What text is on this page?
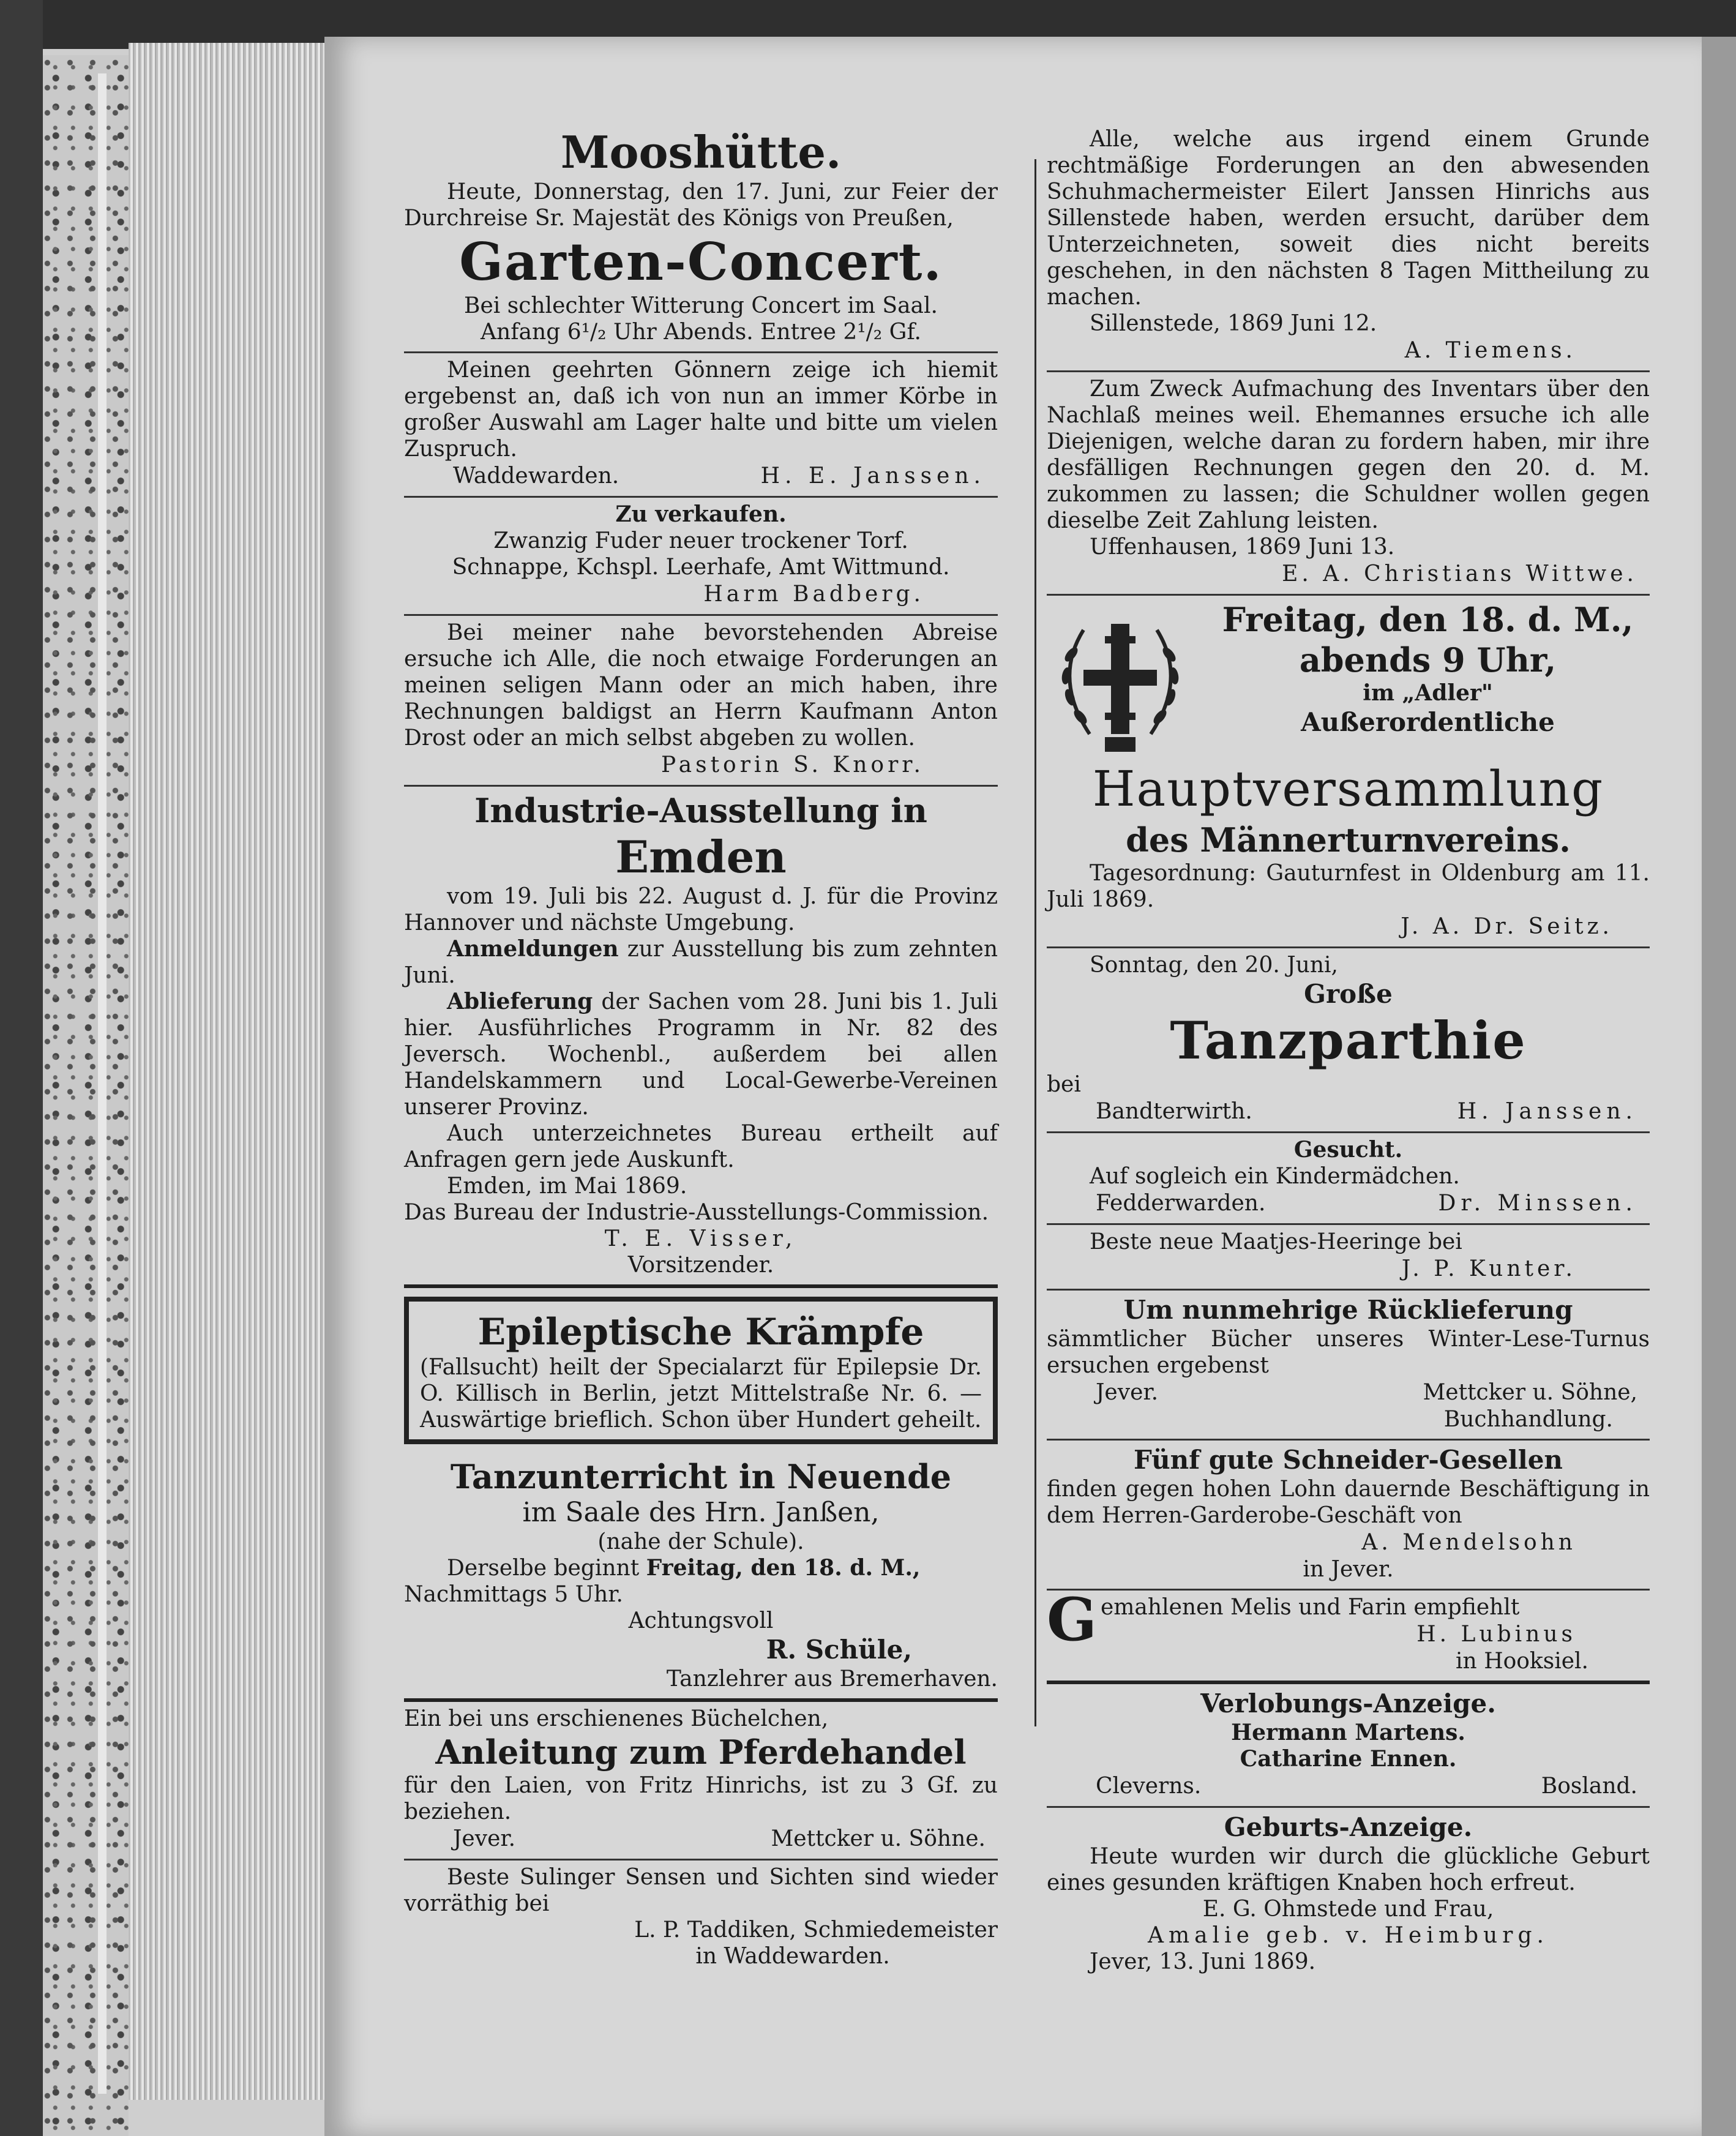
Mooshütte.

Heute, Donnerstag, den 17. Juni, zur Feier der Durchreise Sr. Majestät des Königs von Preußen,

Garten-Concert.

Bei schlechter Witterung Concert im Saal.

Anfang 6¹/₂ Uhr Abends. Entree 2¹/₂ Gf.

Meinen geehrten Gönnern zeige ich hiemit ergebenst an, daß ich von nun an immer Körbe in großer Auswahl am Lager halte und bitte um vielen Zuspruch.

Waddewarden.	H. E. Janssen.

Zu verkaufen.

Zwanzig Fuder neuer trockener Torf.

Schnappe, Kchspl. Leerhafe, Amt Wittmund.

Harm Badberg.

Bei meiner nahe bevorstehenden Abreise ersuche ich Alle, die noch etwaige Forderungen an meinen seligen Mann oder an mich haben, ihre Rechnungen baldigst an Herrn Kaufmann Anton Drost oder an mich selbst abgeben zu wollen.

Pastorin S. Knorr.

Industrie-Ausstellung in

Emden

vom 19. Juli bis 22. August d. J. für die Provinz Hannover und nächste Umgebung.

Anmeldungen zur Ausstellung bis zum zehnten Juni.

Ablieferung der Sachen vom 28. Juni bis 1. Juli hier. Ausführliches Programm in Nr. 82 des Jeversch. Wochenbl., außerdem bei allen Handelskammern und Local-Gewerbe-Vereinen unserer Provinz.

Auch unterzeichnetes Bureau ertheilt auf Anfragen gern jede Auskunft.

Emden, im Mai 1869.

Das Bureau der Industrie-Ausstellungs-Commission.

T. E. Visser,

Vorsitzender.

Epileptische Krämpfe

(Fallsucht) heilt der Specialarzt für Epilepsie Dr. O. Killisch in Berlin, jetzt Mittelstraße Nr. 6. — Auswärtige brieflich. Schon über Hundert geheilt.

Tanzunterricht in Neuende

im Saale des Hrn. Janßen,

(nahe der Schule).

Derselbe beginnt Freitag, den 18. d. M.,

Nachmittags 5 Uhr.

Achtungsvoll

R. Schüle,

Tanzlehrer aus Bremerhaven.

Ein bei uns erschienenes Büchelchen,

Anleitung zum Pferdehandel

für den Laien, von Fritz Hinrichs, ist zu 3 Gf. zu beziehen.

Jever.	Mettcker u. Söhne.

Beste Sulinger Sensen und Sichten sind wieder vorräthig bei

L. P. Taddiken, Schmiedemeister

in Waddewarden.

Alle, welche aus irgend einem Grunde rechtmäßige Forderungen an den abwesenden Schuhmachermeister Eilert Janssen Hinrichs aus Sillenstede haben, werden ersucht, darüber dem Unterzeichneten, soweit dies nicht bereits geschehen, in den nächsten 8 Tagen Mittheilung zu machen.

Sillenstede, 1869 Juni 12.

A. Tiemens.

Zum Zweck Aufmachung des Inventars über den Nachlaß meines weil. Ehemannes ersuche ich alle Diejenigen, welche daran zu fordern haben, mir ihre desfälligen Rechnungen gegen den 20. d. M. zukommen zu lassen; die Schuldner wollen gegen dieselbe Zeit Zahlung leisten.

Uffenhausen, 1869 Juni 13.

E. A. Christians Wittwe.

Freitag, den 18. d. M.,

abends 9 Uhr,

im „Adler"

Außerordentliche

Hauptversammlung

des Männerturnvereins.

Tagesordnung: Gauturnfest in Oldenburg am 11. Juli 1869.

J. A. Dr. Seitz.

Sonntag, den 20. Juni,

Große

Tanzparthie

bei

Bandterwirth.	H. Janssen.

Gesucht.

Auf sogleich ein Kindermädchen.

Fedderwarden.	Dr. Minssen.

Beste neue Maatjes-Heeringe bei

J. P. Kunter.

Um nunmehrige Rücklieferung

sämmtlicher Bücher unseres Winter-Lese-Turnus ersuchen ergebenst

Jever.	Mettcker u. Söhne,

Buchhandlung.

Fünf gute Schneider-Gesellen

finden gegen hohen Lohn dauernde Beschäftigung in dem Herren-Garderobe-Geschäft von

A. Mendelsohn

in Jever.

Gemahlenen Melis und Farin empfiehlt

H. Lubinus

in Hooksiel.

Verlobungs-Anzeige.

Hermann Martens.

Catharine Ennen.

Cleverns.	Bosland.

Geburts-Anzeige.

Heute wurden wir durch die glückliche Geburt eines gesunden kräftigen Knaben hoch erfreut.

E. G. Ohmstede und Frau,

Amalie geb. v. Heimburg.

Jever, 13. Juni 1869.
